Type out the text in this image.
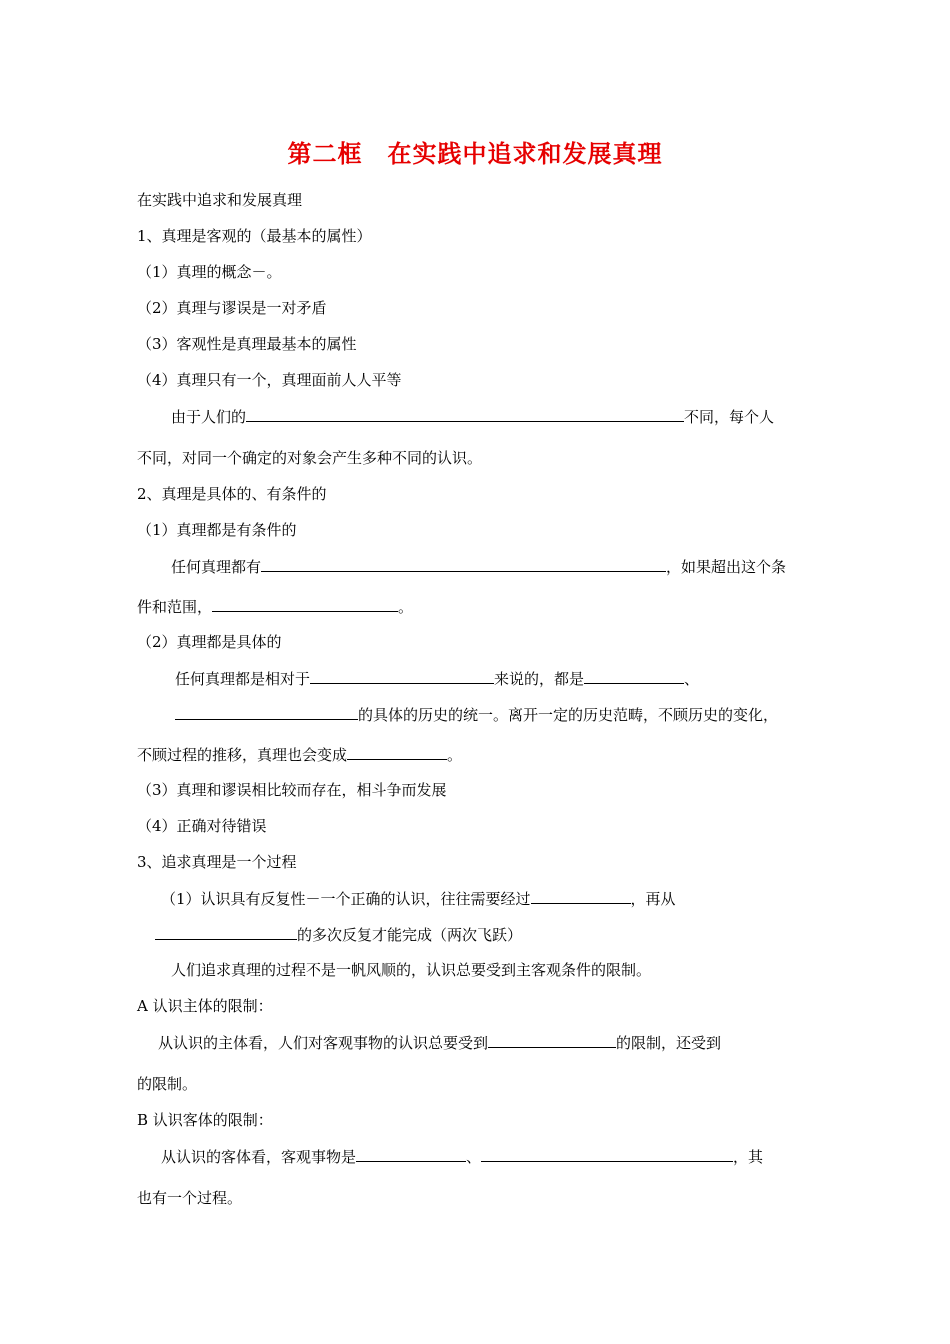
第二框　在实践中追求和发展真理
在实践中追求和发展真理
1、真理是客观的（最基本的属性）
（1）真理的概念－。
（2）真理与谬误是一对矛盾
（3）客观性是真理最基本的属性
（4）真理只有一个，真理面前人人平等
由于人们的	不同，每个人
不同，对同一个确定的对象会产生多种不同的认识。
2、真理是具体的、有条件的
（1）真理都是有条件的
任何真理都有	，如果超出这个条
件和范围，	。
（2）真理都是具体的
任何真理都是相对于	来说的，都是	、
的具体的历史的统一。离开一定的历史范畴，不顾历史的变化，
不顾过程的推移，真理也会变成	。
（3）真理和谬误相比较而存在，相斗争而发展
（4）正确对待错误
3、追求真理是一个过程
（1）认识具有反复性－一个正确的认识，往往需要经过	，再从
的多次反复才能完成（两次飞跃）
人们追求真理的过程不是一帆风顺的，认识总要受到主客观条件的限制。
A 认识主体的限制：
从认识的主体看，人们对客观事物的认识总要受到	的限制，还受到
的限制。
B 认识客体的限制：
从认识的客体看，客观事物是	、	，其
也有一个过程。
